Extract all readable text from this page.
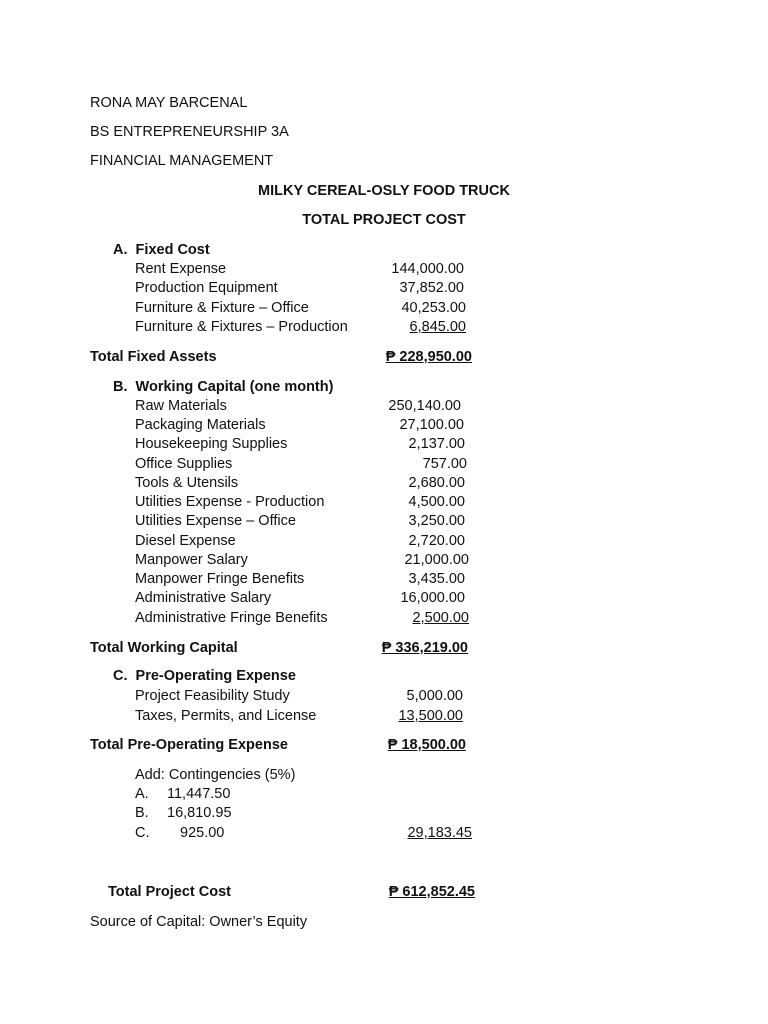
RONA MAY BARCENAL
BS ENTREPRENEURSHIP 3A
FINANCIAL MANAGEMENT
MILKY CEREAL-OSLY FOOD TRUCK
TOTAL PROJECT COST
A.  Fixed Cost
Rent Expense	144,000.00
Production Equipment	37,852.00
Furniture & Fixture – Office	40,253.00
Furniture & Fixtures – Production	6,845.00
Total Fixed Assets	₱ 228,950.00
B.  Working Capital (one month)
Raw Materials	250,140.00
Packaging Materials	27,100.00
Housekeeping Supplies	2,137.00
Office Supplies	757.00
Tools & Utensils	2,680.00
Utilities Expense - Production	4,500.00
Utilities Expense – Office	3,250.00
Diesel Expense	2,720.00
Manpower Salary	21,000.00
Manpower Fringe Benefits	3,435.00
Administrative Salary	16,000.00
Administrative Fringe Benefits	2,500.00
Total Working Capital	₱ 336,219.00
C.  Pre-Operating Expense
Project Feasibility Study	5,000.00
Taxes, Permits, and License	13,500.00
Total Pre-Operating Expense	₱ 18,500.00
Add: Contingencies (5%)
A. 11,447.50
B. 16,810.95
C. 925.00	29,183.45
Total Project Cost	₱ 612,852.45
Source of Capital: Owner’s Equity
